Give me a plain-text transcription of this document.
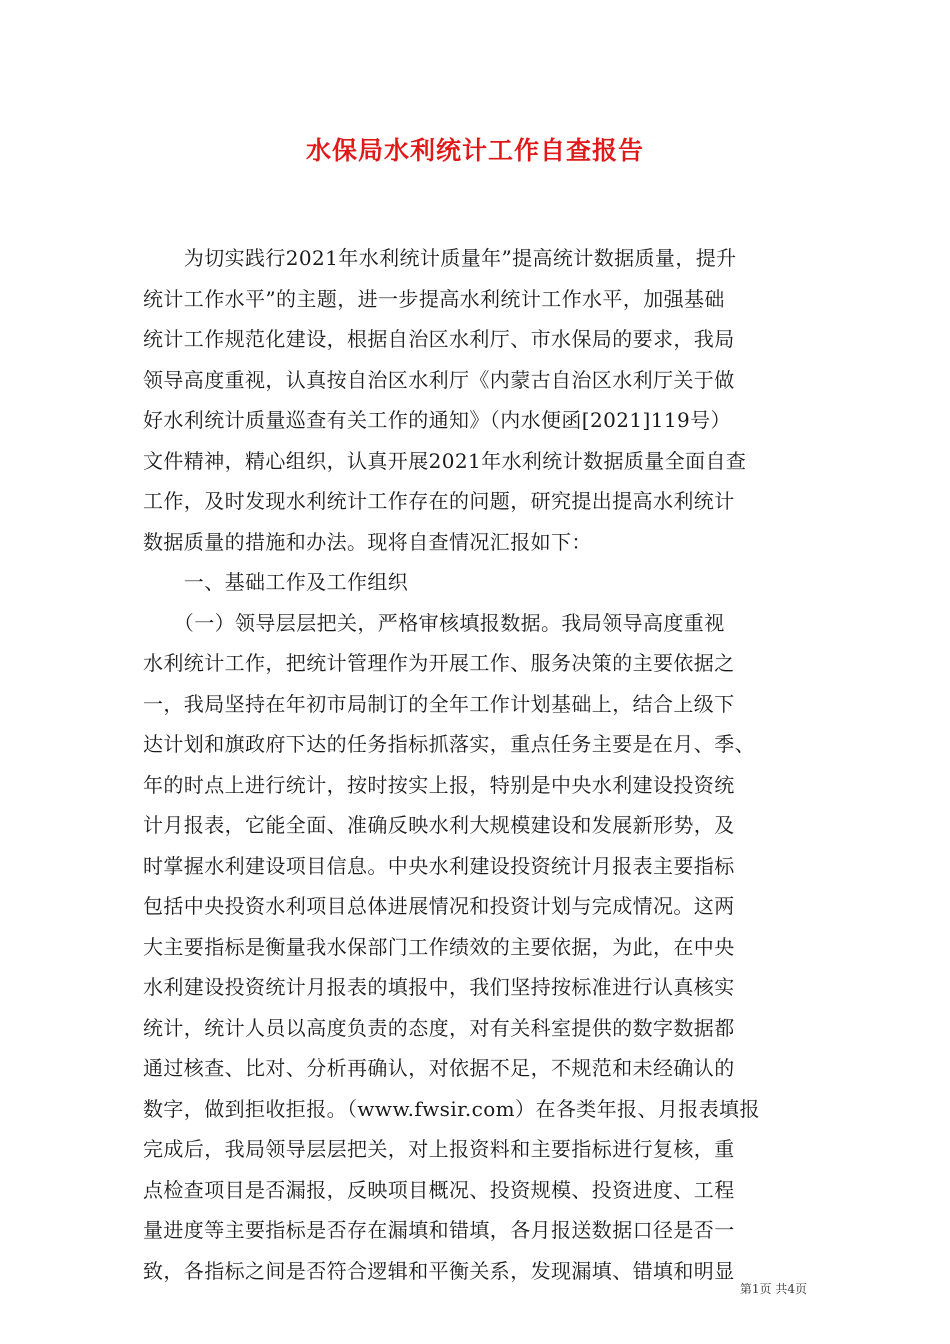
水保局水利统计工作自查报告
　　为切实践行2021年水利统计质量年”提高统计数据质量，提升
统计工作水平”的主题，进一步提高水利统计工作水平，加强基础
统计工作规范化建设，根据自治区水利厅、市水保局的要求，我局
领导高度重视，认真按自治区水利厅《内蒙古自治区水利厅关于做
好水利统计质量巡查有关工作的通知》（内水便函[2021]119号）
文件精神，精心组织，认真开展2021年水利统计数据质量全面自查
工作，及时发现水利统计工作存在的问题，研究提出提高水利统计
数据质量的措施和办法。现将自查情况汇报如下：
　　一、基础工作及工作组织
　　（一）领导层层把关，严格审核填报数据。我局领导高度重视
水利统计工作，把统计管理作为开展工作、服务决策的主要依据之
一，我局坚持在年初市局制订的全年工作计划基础上，结合上级下
达计划和旗政府下达的任务指标抓落实，重点任务主要是在月、季、
年的时点上进行统计，按时按实上报，特别是中央水利建设投资统
计月报表，它能全面、准确反映水利大规模建设和发展新形势，及
时掌握水利建设项目信息。中央水利建设投资统计月报表主要指标
包括中央投资水利项目总体进展情况和投资计划与完成情况。这两
大主要指标是衡量我水保部门工作绩效的主要依据，为此，在中央
水利建设投资统计月报表的填报中，我们坚持按标准进行认真核实
统计，统计人员以高度负责的态度，对有关科室提供的数字数据都
通过核查、比对、分析再确认，对依据不足，不规范和未经确认的
数字，做到拒收拒报。（www.fwsir.com）在各类年报、月报表填报
完成后，我局领导层层把关，对上报资料和主要指标进行复核，重
点检查项目是否漏报，反映项目概况、投资规模、投资进度、工程
量进度等主要指标是否存在漏填和错填，各月报送数据口径是否一
致，各指标之间是否符合逻辑和平衡关系，发现漏填、错填和明显
第1页 共4页
